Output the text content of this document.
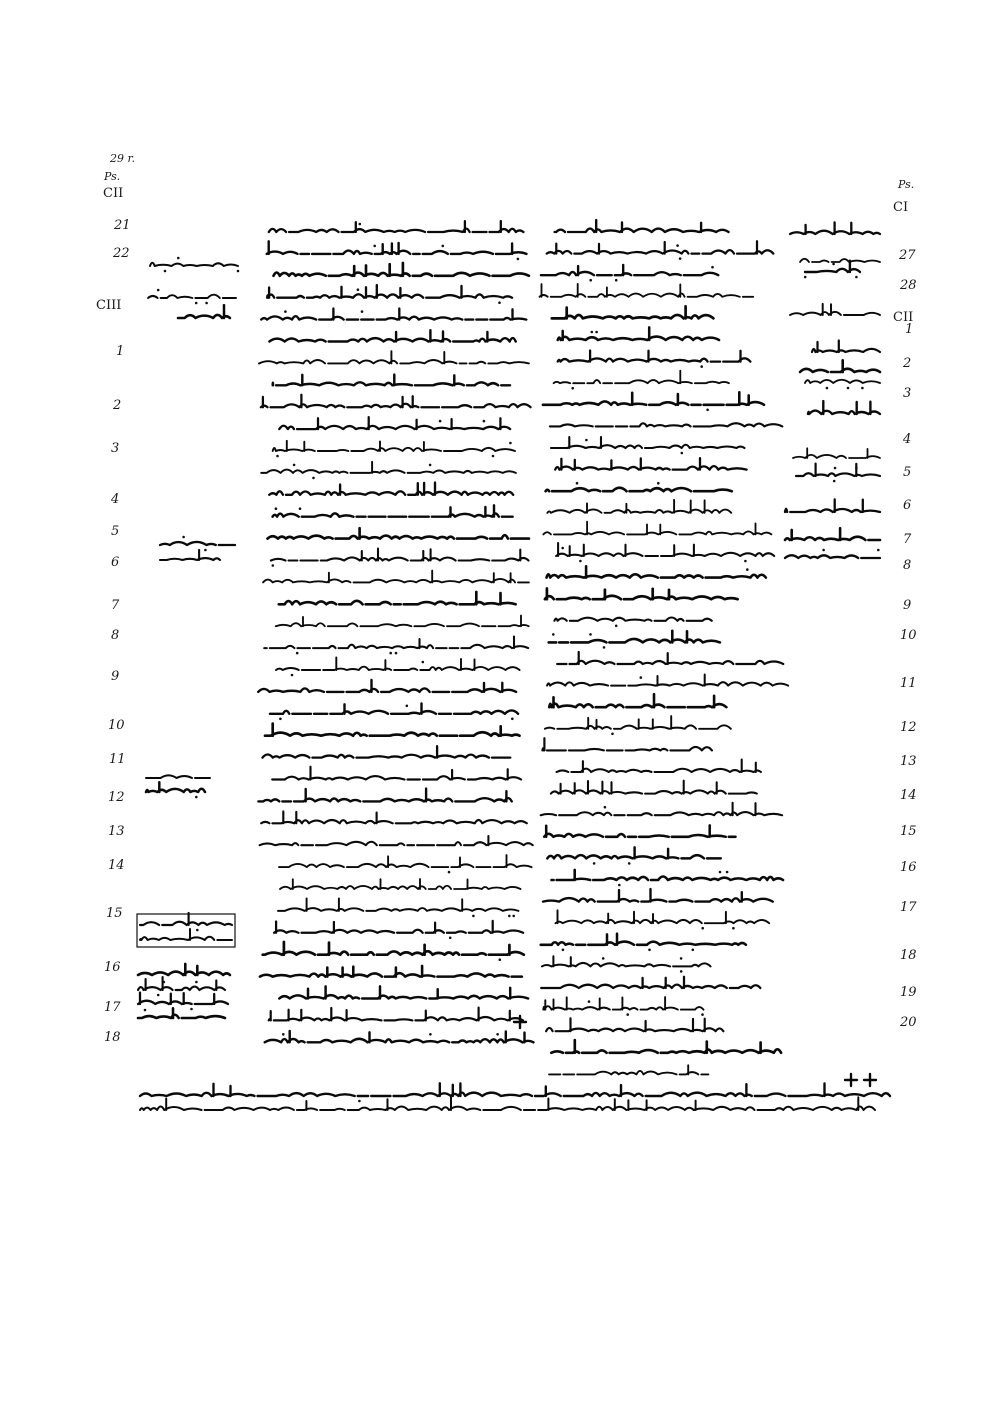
29 r.
Ps.
CII
Ps.
CI
CIII
CII
21
22
1
2
3
4
5
6
7
8
9
10
11
12
13
14
15
16
17
18
27
28
1
2
3
4
5
6
7
8
9
10
11
12
13
14
15
16
17
18
19
20
